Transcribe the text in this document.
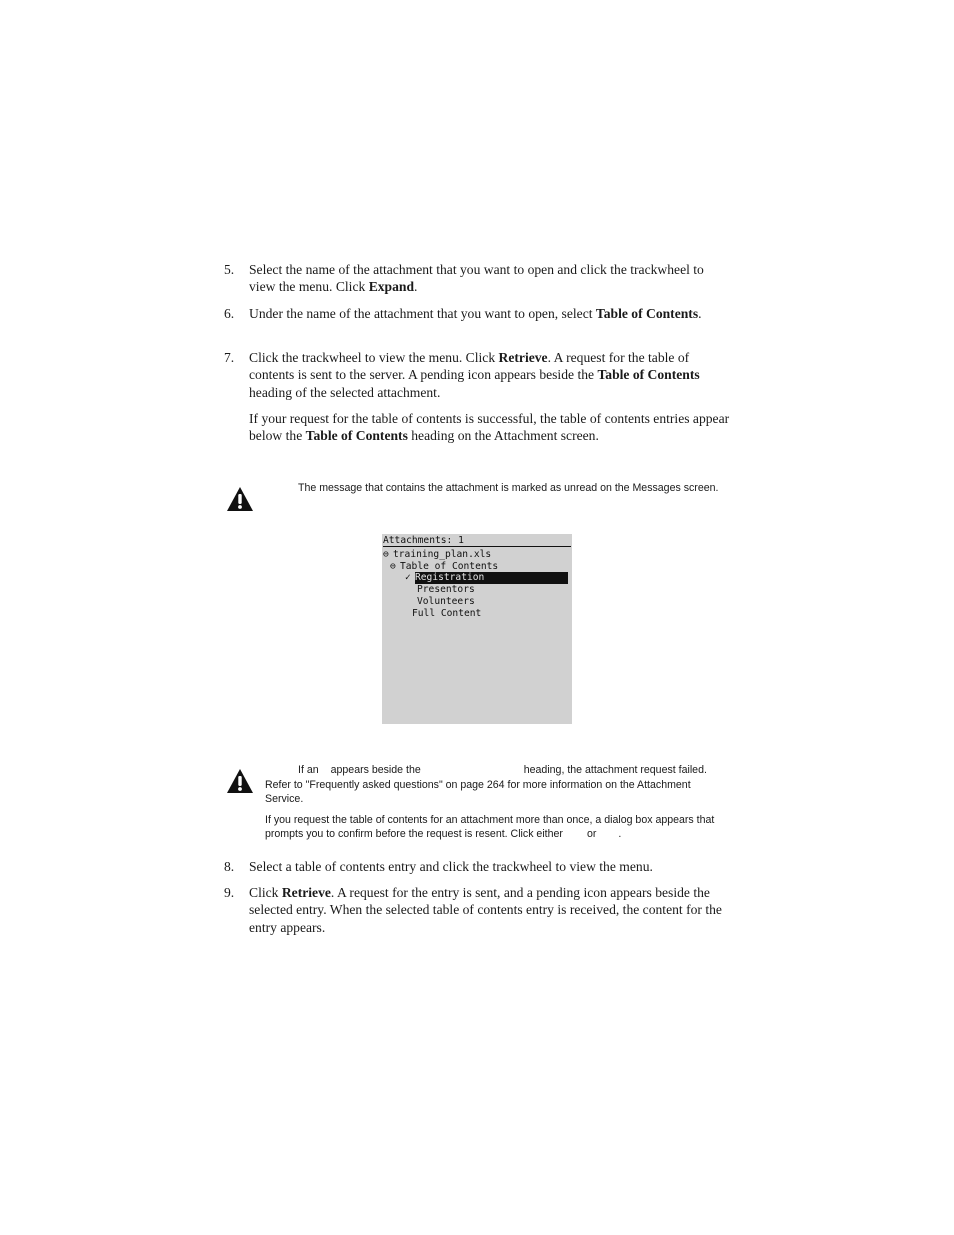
5.	Select the name of the attachment that you want to open and click the trackwheel to view the menu. Click Expand.
6.	Under the name of the attachment that you want to open, select Table of Contents.
7.	Click the trackwheel to view the menu. Click Retrieve. A request for the table of contents is sent to the server. A pending icon appears beside the Table of Contents heading of the selected attachment.
If your request for the table of contents is successful, the table of contents entries appear below the Table of Contents heading on the Attachment screen.

The message that contains the attachment is marked as unread on the Messages screen.

Attachments: 1
⊖ training_plan.xls
⊖ Table of Contents
✓ Registration
Presentors
Volunteers
Full Content

If an appears beside the	heading, the attachment request failed. Refer to "Frequently asked questions" on page 264 for more information on the Attachment Service.

If you request the table of contents for an attachment more than once, a dialog box appears that prompts you to confirm before the request is resent. Click either or .

8.	Select a table of contents entry and click the trackwheel to view the menu.
9.	Click Retrieve. A request for the entry is sent, and a pending icon appears beside the selected entry. When the selected table of contents entry is received, the content for the entry appears.
